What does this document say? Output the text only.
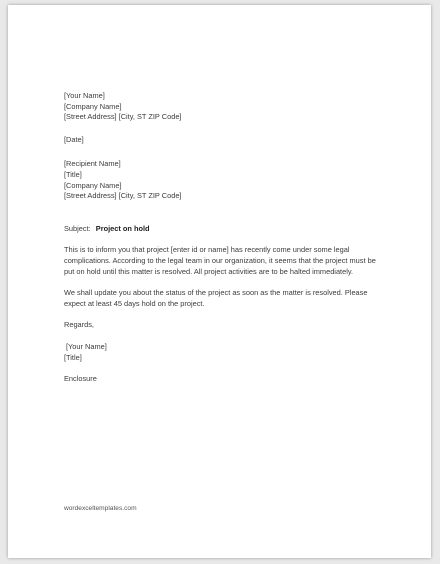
[Your Name]
[Company Name]
[Street Address] [City, ST ZIP Code]
[Date]
[Recipient Name]
[Title]
[Company Name]
[Street Address] [City, ST ZIP Code]
Subject: Project on hold
This is to inform you that project [enter id or name] has recently come under some legal complications. According to the legal team in our organization, it seems that the project must be put on hold until this matter is resolved. All project activities are to be halted immediately.
We shall update you about the status of the project as soon as the matter is resolved. Please expect at least 45 days hold on the project.
Regards,
[Your Name]
[Title]
Enclosure
wordexceltemplates.com
